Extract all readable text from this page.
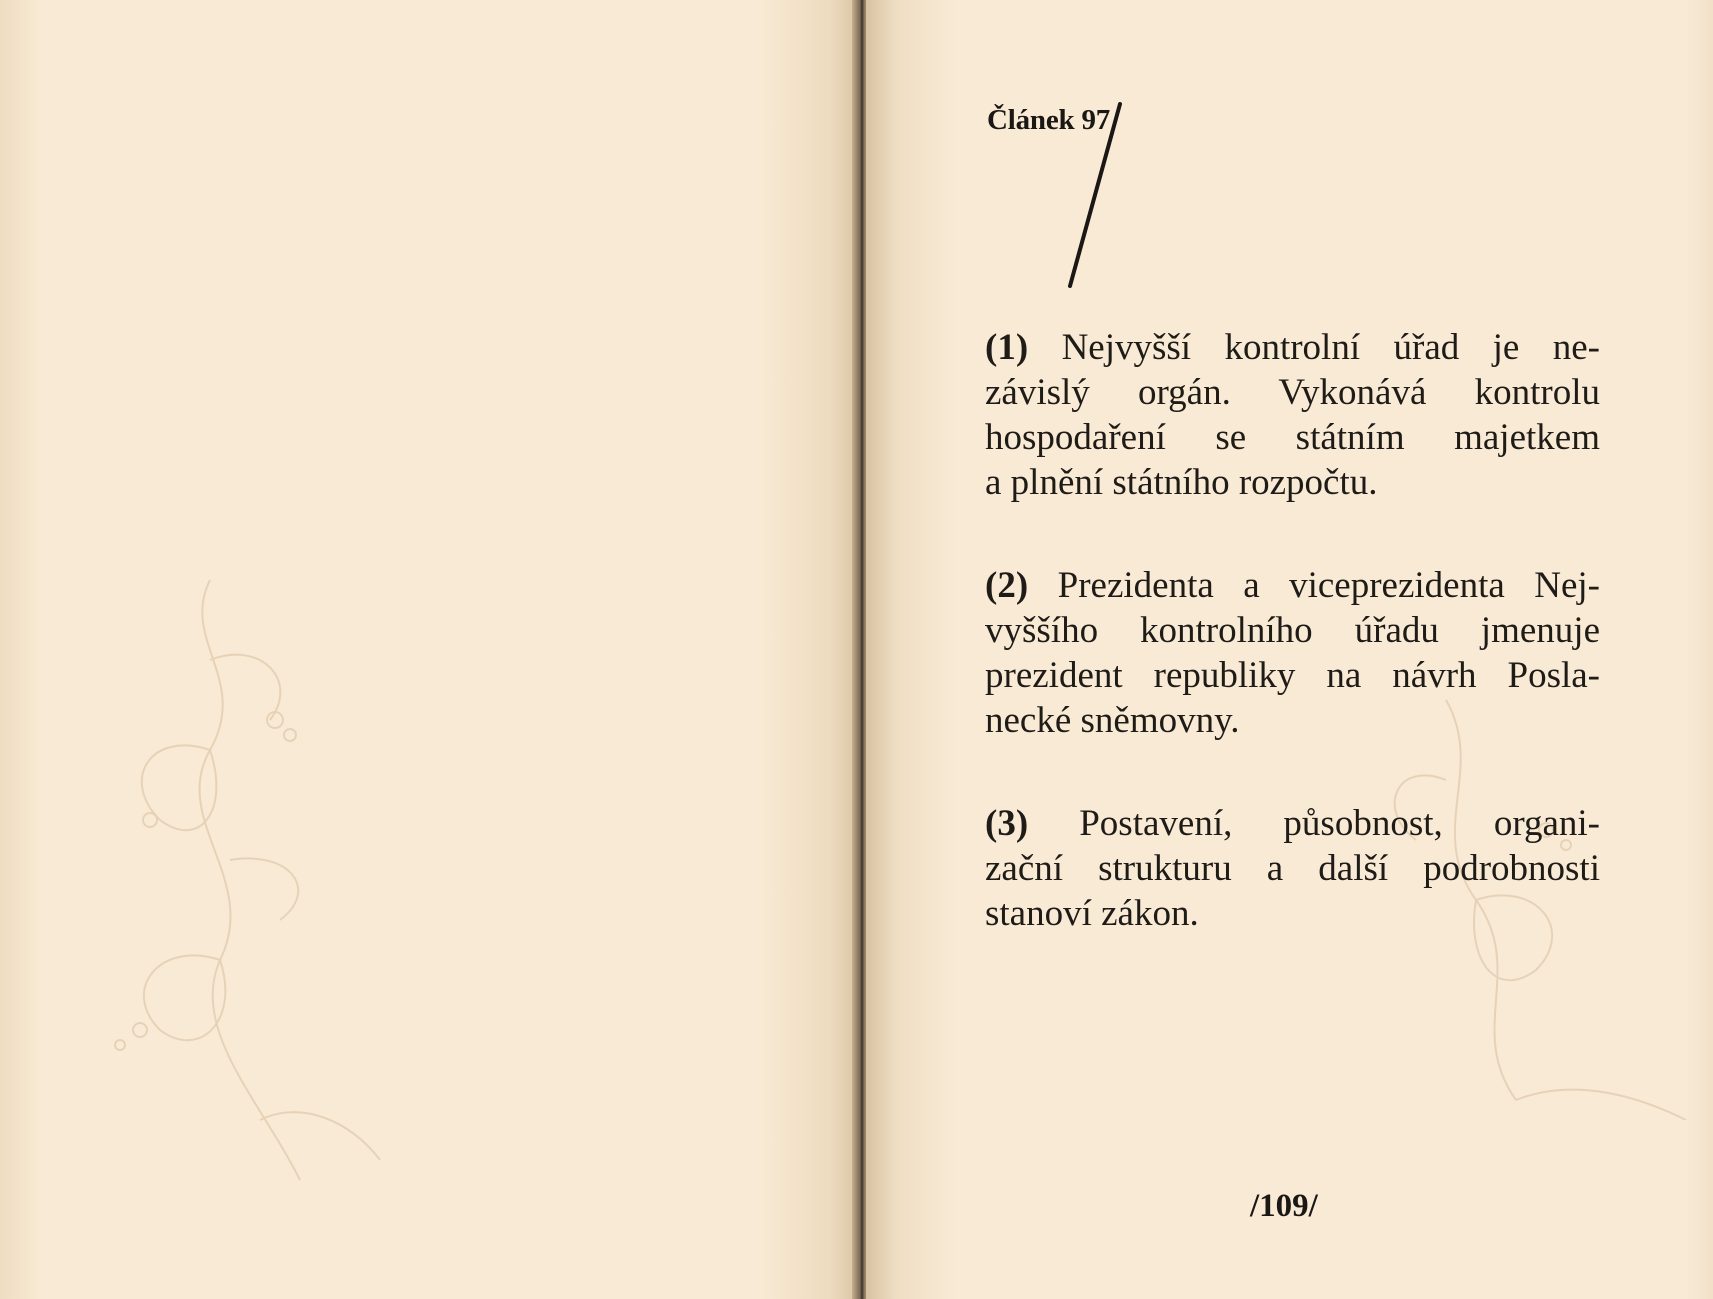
Článek 97

(1) Nejvyšší kontrolní úřad je ne-
závislý orgán. Vykonává kontrolu
hospodaření se státním majetkem
a plnění státního rozpočtu.

(2) Prezidenta a viceprezidenta Nej-
vyššího kontrolního úřadu jmenuje
prezident republiky na návrh Posla-
necké sněmovny.

(3) Postavení, působnost, organi-
zační strukturu a další podrobnosti
stanoví zákon.

/109/
